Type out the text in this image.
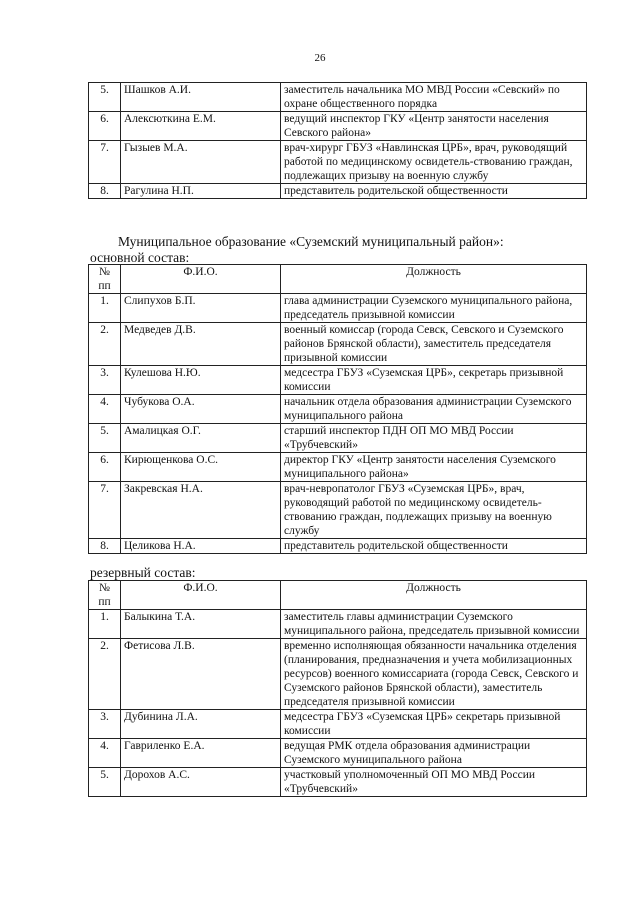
26
5.	Шашков А.И.	заместитель начальника МО МВД России «Севский» по охране общественного порядка
6.	Алексюткина Е.М.	ведущий инспектор ГКУ «Центр занятости населения Севского района»
7.	Гызыев М.А.	врач-хирург ГБУЗ «Навлинская ЦРБ», врач, руководящий работой по медицинскому освидетель-ствованию граждан, подлежащих призыву на военную службу
8.	Рагулина Н.П.	представитель родительской общественности
Муниципальное образование «Суземский муниципальный район»:
основной состав:
№ пп	Ф.И.О.	Должность
1.	Слипухов Б.П.	глава администрации Суземского муниципального района, председатель призывной комиссии
2.	Медведев Д.В.	военный комиссар (города Севск, Севского и Суземского районов Брянской области), заместитель председателя призывной комиссии
3.	Кулешова Н.Ю.	медсестра ГБУЗ «Суземская ЦРБ», секретарь призывной комиссии
4.	Чубукова О.А.	начальник отдела образования администрации Суземского муниципального района
5.	Амалицкая О.Г.	старший инспектор ПДН ОП МО МВД России «Трубчевский»
6.	Кирющенкова О.С.	директор ГКУ «Центр занятости населения Суземского муниципального района»
7.	Закревская Н.А.	врач-невропатолог ГБУЗ «Суземская ЦРБ», врач, руководящий работой по медицинскому освидетель-ствованию граждан, подлежащих призыву на военную службу
8.	Целикова Н.А.	представитель родительской общественности
резервный состав:
№ пп	Ф.И.О.	Должность
1.	Балыкина Т.А.	заместитель главы администрации Суземского муниципального района, председатель призывной комиссии
2.	Фетисова Л.В.	временно исполняющая обязанности начальника отделения (планирования, предназначения и учета мобилизационных ресурсов) военного комиссариата (города Севск, Севского и Суземского районов Брянской области), заместитель председателя призывной комиссии
3.	Дубинина Л.А.	медсестра ГБУЗ «Суземская ЦРБ» секретарь призывной комиссии
4.	Гавриленко Е.А.	ведущая РМК отдела образования администрации Суземского муниципального района
5.	Дорохов А.С.	участковый уполномоченный ОП МО МВД России «Трубчевский»
